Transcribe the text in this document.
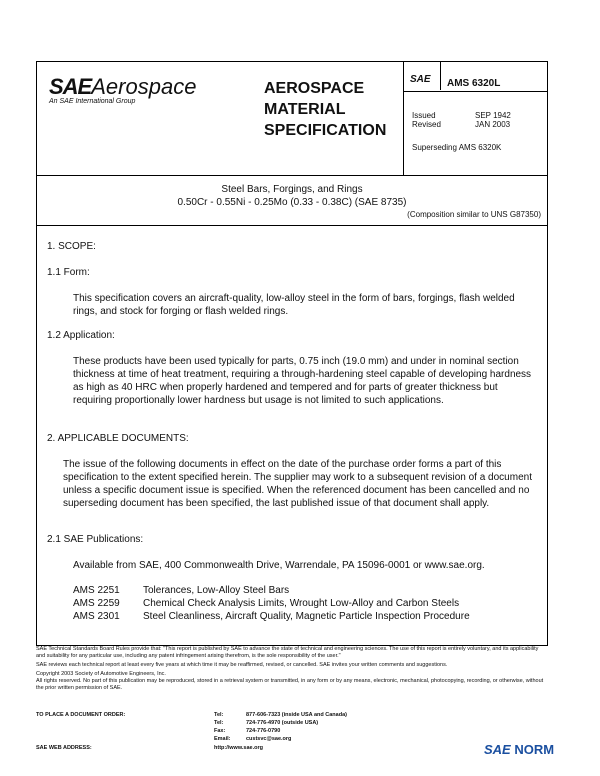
SAEAerospace
An SAE International Group
AEROSPACE
MATERIAL
SPECIFICATION
SAE AMS 6320L
Issued	SEP 1942
Revised	JAN 2003
Superseding AMS 6320K
Steel Bars, Forgings, and Rings
0.50Cr - 0.55Ni - 0.25Mo (0.33 - 0.38C) (SAE 8735)
(Composition similar to UNS G87350)
1. SCOPE:
1.1 Form:
This specification covers an aircraft-quality, low-alloy steel in the form of bars, forgings, flash welded rings, and stock for forging or flash welded rings.
1.2 Application:
These products have been used typically for parts, 0.75 inch (19.0 mm) and under in nominal section thickness at time of heat treatment, requiring a through-hardening steel capable of developing hardness as high as 40 HRC when properly hardened and tempered and for parts of greater thickness but requiring proportionally lower hardness but usage is not limited to such applications.
2. APPLICABLE DOCUMENTS:
The issue of the following documents in effect on the date of the purchase order forms a part of this specification to the extent specified herein. The supplier may work to a subsequent revision of a document unless a specific document issue is specified. When the referenced document has been cancelled and no superseding document has been specified, the last published issue of that document shall apply.
2.1 SAE Publications:
Available from SAE, 400 Commonwealth Drive, Warrendale, PA 15096-0001 or www.sae.org.
AMS 2251 Tolerances, Low-Alloy Steel Bars
AMS 2259 Chemical Check Analysis Limits, Wrought Low-Alloy and Carbon Steels
AMS 2301 Steel Cleanliness, Aircraft Quality, Magnetic Particle Inspection Procedure

SAE Technical Standards Board Rules provide that: "This report is published by SAE to advance the state of technical and engineering sciences. The use of this report is entirely voluntary, and its applicability and suitability for any particular use, including any patent infringement arising therefrom, is the sole responsibility of the user."

SAE reviews each technical report at least every five years at which time it may be reaffirmed, revised, or cancelled. SAE invites your written comments and suggestions.

Copyright 2003 Society of Automotive Engineers, Inc.

All rights reserved. No part of this publication may be reproduced, stored in a retrieval system or transmitted, in any form or by any means, electronic, mechanical, photocopying, recording, or otherwise, without the prior written permission of SAE.

TO PLACE A DOCUMENT ORDER:	Tel:	877-606-7323 (inside USA and Canada)
Tel:	724-776-4970 (outside USA)
Fax:	724-776-0790
Email:	custsvc@sae.org
SAE WEB ADDRESS:	http://www.sae.org	SAE NORM
